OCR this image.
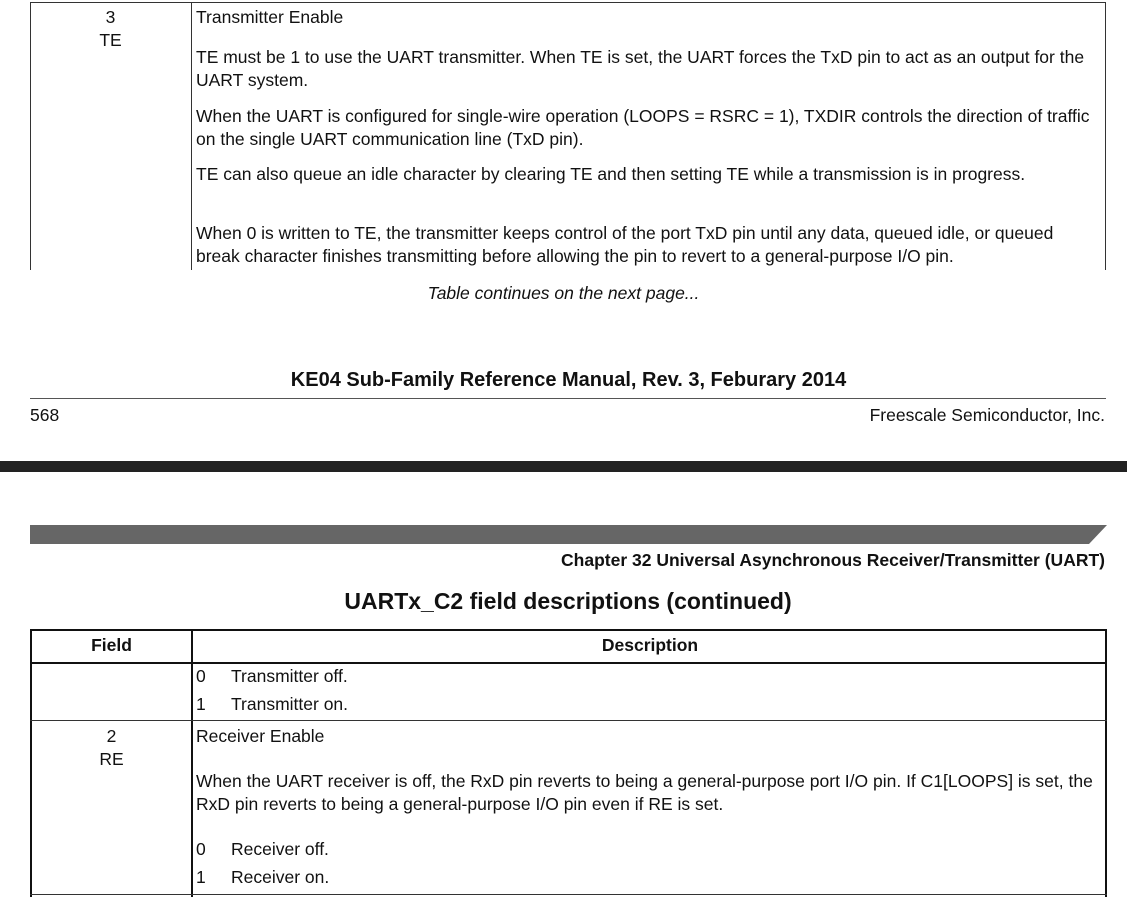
3
TE
Transmitter Enable
TE must be 1 to use the UART transmitter. When TE is set, the UART forces the TxD pin to act as an output for the UART system.
When the UART is configured for single-wire operation (LOOPS = RSRC = 1), TXDIR controls the direction of traffic on the single UART communication line (TxD pin).
TE can also queue an idle character by clearing TE and then setting TE while a transmission is in progress.
When 0 is written to TE, the transmitter keeps control of the port TxD pin until any data, queued idle, or queued break character finishes transmitting before allowing the pin to revert to a general-purpose I/O pin.
Table continues on the next page...
KE04 Sub-Family Reference Manual, Rev. 3, Feburary 2014
568	Freescale Semiconductor, Inc.
Chapter 32 Universal Asynchronous Receiver/Transmitter (UART)
UARTx_C2 field descriptions (continued)
Field	Description
0 Transmitter off.
1 Transmitter on.
2
RE
Receiver Enable
When the UART receiver is off, the RxD pin reverts to being a general-purpose port I/O pin. If C1[LOOPS] is set, the RxD pin reverts to being a general-purpose I/O pin even if RE is set.
0 Receiver off.
1 Receiver on.
